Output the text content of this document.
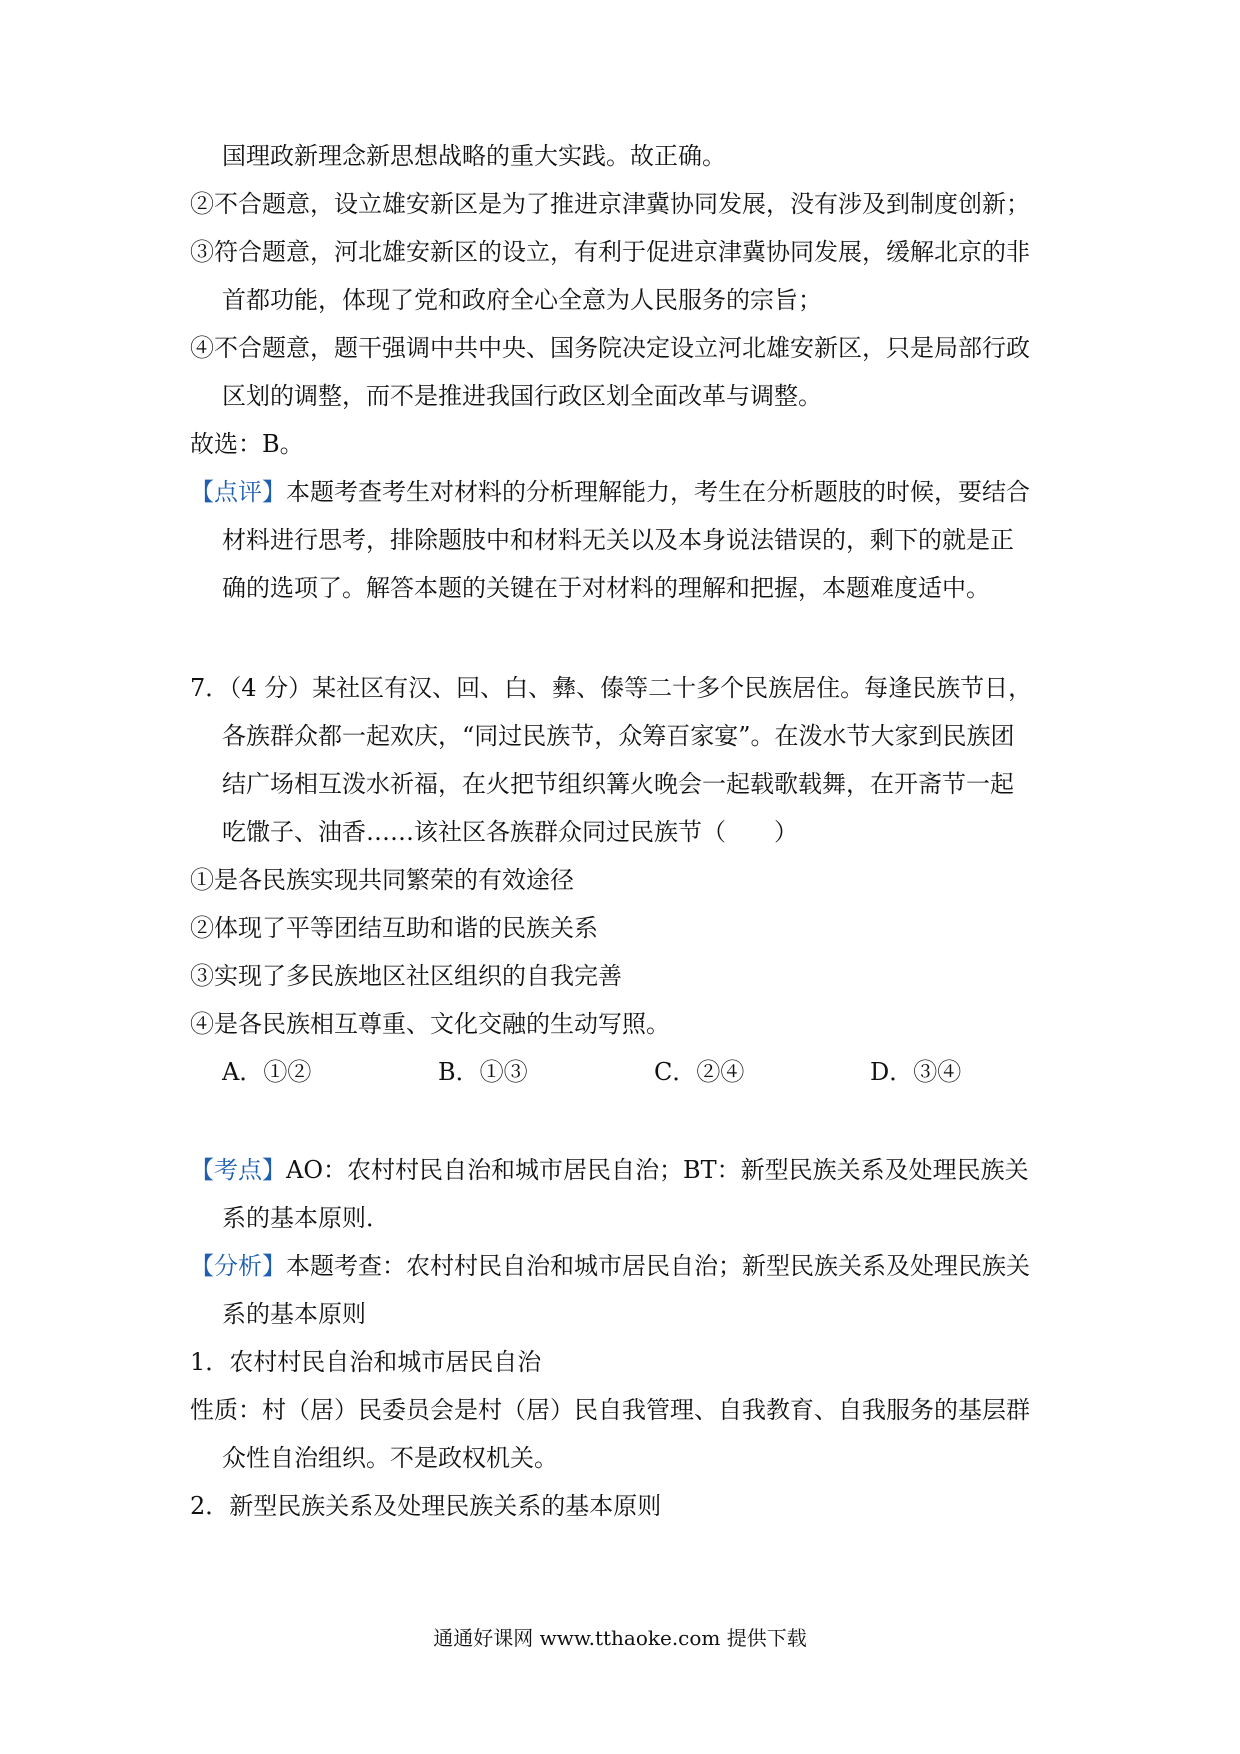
国理政新理念新思想战略的重大实践。故正确。
②不合题意，设立雄安新区是为了推进京津冀协同发展，没有涉及到制度创新；
③符合题意，河北雄安新区的设立，有利于促进京津冀协同发展，缓解北京的非
首都功能，体现了党和政府全心全意为人民服务的宗旨；
④不合题意，题干强调中共中央、国务院决定设立河北雄安新区，只是局部行政
区划的调整，而不是推进我国行政区划全面改革与调整。
故选：B。
【点评】本题考查考生对材料的分析理解能力，考生在分析题肢的时候，要结合
材料进行思考，排除题肢中和材料无关以及本身说法错误的，剩下的就是正
确的选项了。解答本题的关键在于对材料的理解和把握，本题难度适中。
7．（4 分）某社区有汉、回、白、彝、傣等二十多个民族居住。每逢民族节日，
各族群众都一起欢庆，“同过民族节，众筹百家宴”。在泼水节大家到民族团
结广场相互泼水祈福，在火把节组织篝火晚会一起载歌载舞，在开斋节一起
吃馓子、油香……该社区各族群众同过民族节（　　）
①是各民族实现共同繁荣的有效途径
②体现了平等团结互助和谐的民族关系
③实现了多民族地区社区组织的自我完善
④是各民族相互尊重、文化交融的生动写照。
A．①②	B．①③	C．②④	D．③④
【考点】AO：农村村民自治和城市居民自治；BT：新型民族关系及处理民族关
系的基本原则．
【分析】本题考查：农村村民自治和城市居民自治；新型民族关系及处理民族关
系的基本原则
1．农村村民自治和城市居民自治
性质：村（居）民委员会是村（居）民自我管理、自我教育、自我服务的基层群
众性自治组织。不是政权机关。
2．新型民族关系及处理民族关系的基本原则
通通好课网 www.tthaoke.com 提供下载
